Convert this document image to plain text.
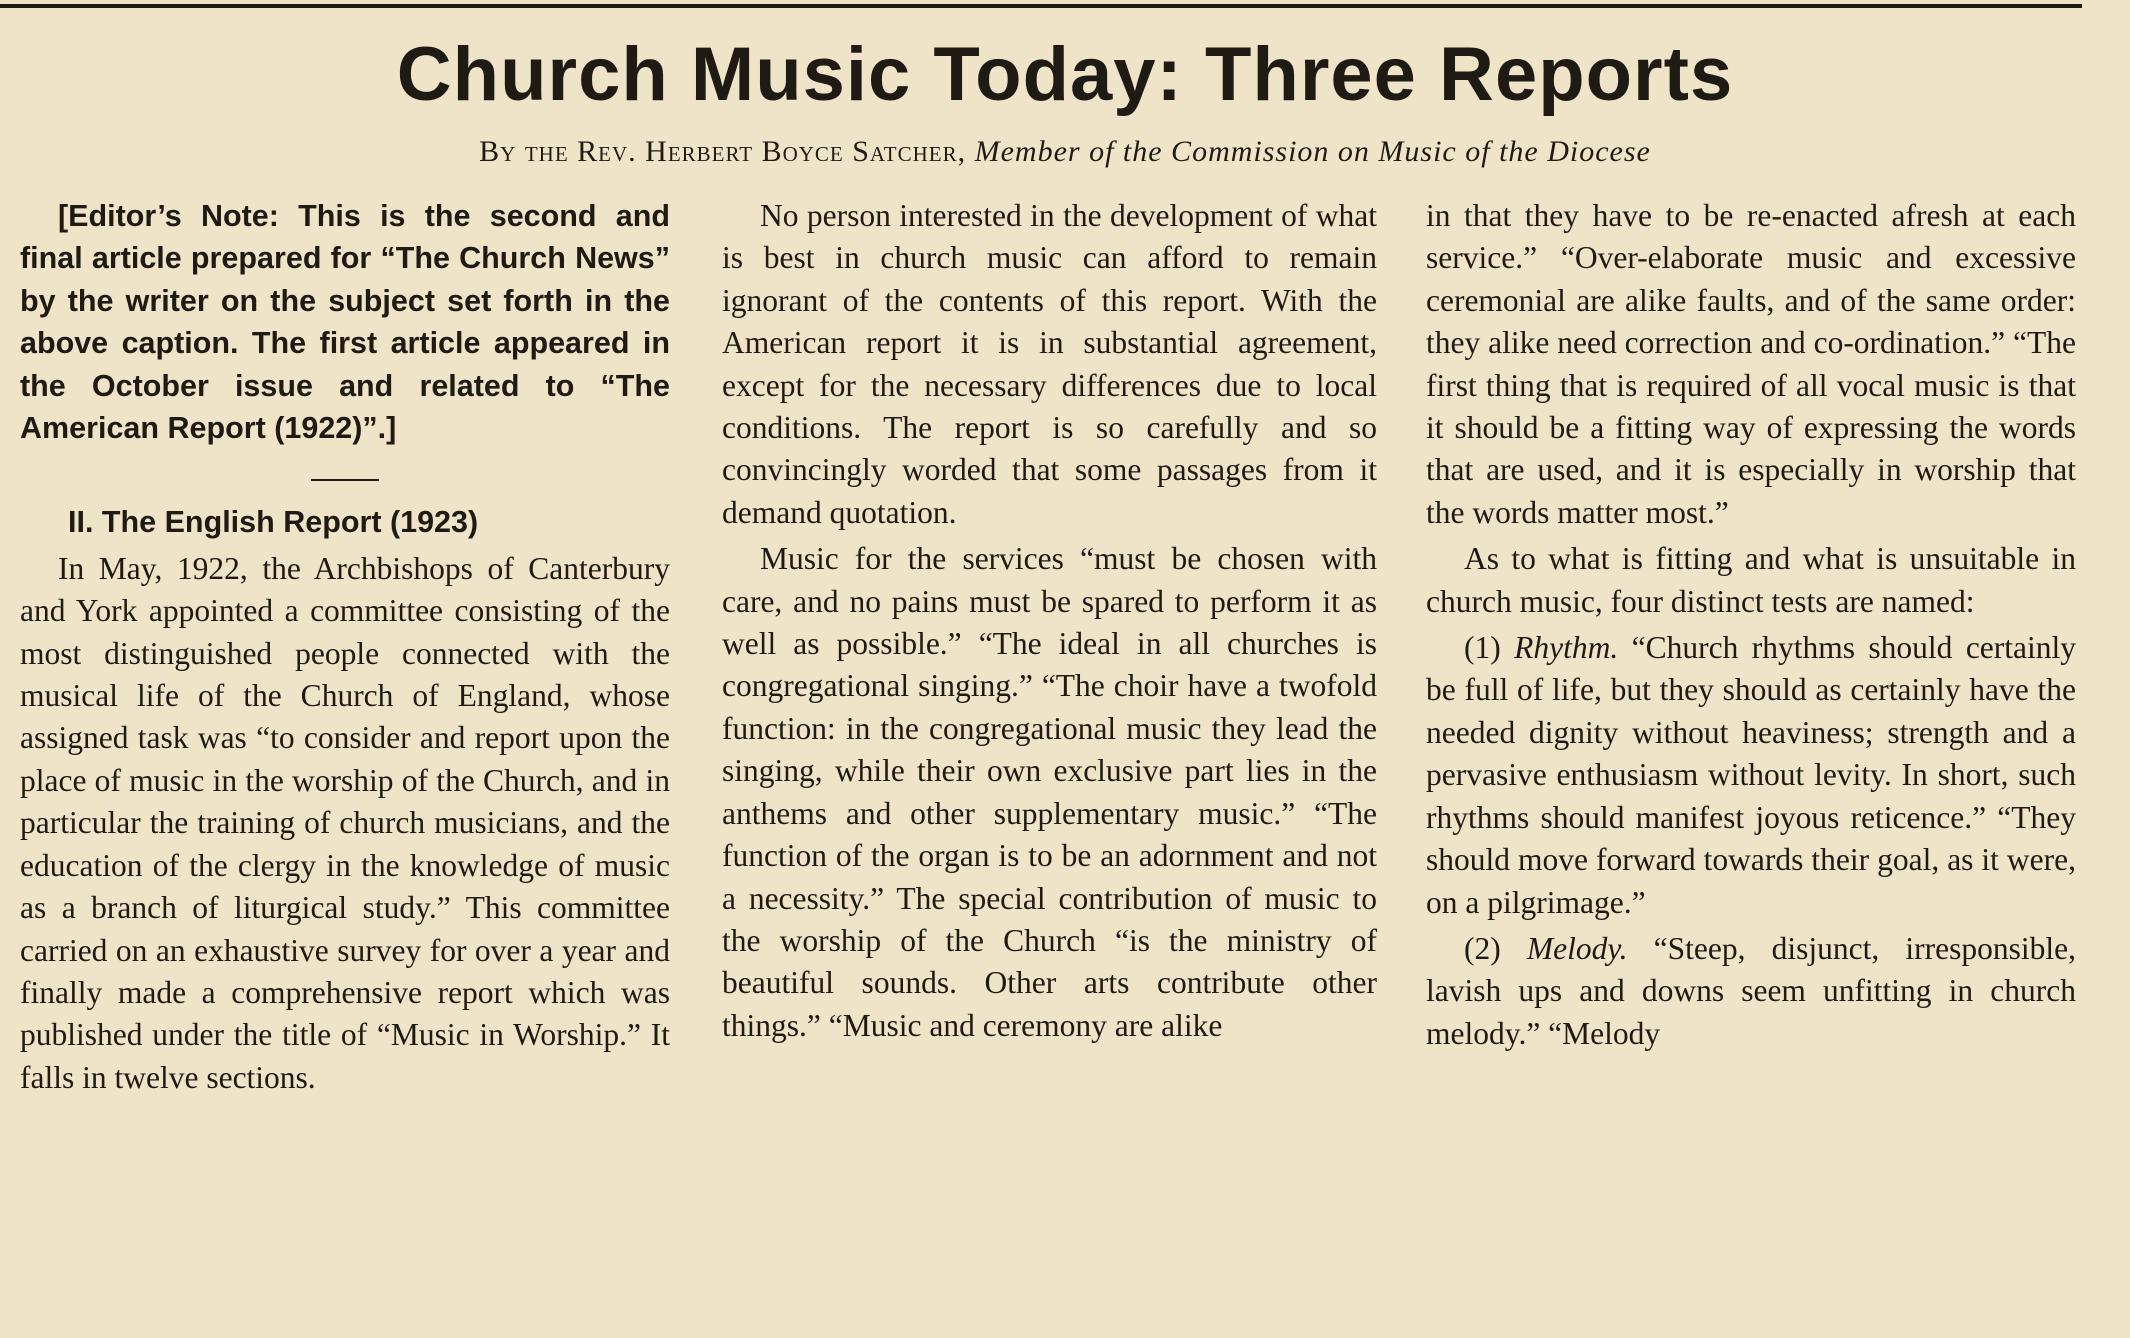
Church Music Today: Three Reports
By the Rev. Herbert Boyce Satcher, Member of the Commission on Music of the Diocese

[Editor’s Note: This is the second and final article prepared for “The Church News” by the writer on the subject set forth in the above caption. The first article appeared in the October issue and related to “The American Report (1922)”.]

II. The English Report (1923)

In May, 1922, the Archbishops of Canterbury and York appointed a committee consisting of the most distinguished people connected with the musical life of the Church of England, whose assigned task was “to consider and report upon the place of music in the worship of the Church, and in particular the training of church musicians, and the education of the clergy in the knowledge of music as a branch of liturgical study.” This committee carried on an exhaustive survey for over a year and finally made a comprehensive report which was published under the title of “Music in Worship.” It falls in twelve sections.

No person interested in the development of what is best in church music can afford to remain ignorant of the contents of this report. With the American report it is in substantial agreement, except for the necessary differences due to local conditions. The report is so carefully and so convincingly worded that some passages from it demand quotation.

Music for the services “must be chosen with care, and no pains must be spared to perform it as well as possible.” “The ideal in all churches is congregational singing.” “The choir have a twofold function: in the congregational music they lead the singing, while their own exclusive part lies in the anthems and other supplementary music.” “The function of the organ is to be an adornment and not a necessity.” The special contribution of music to the worship of the Church “is the ministry of beautiful sounds. Other arts contribute other things.” “Music and ceremony are alike

in that they have to be re-enacted afresh at each service.” “Over-elaborate music and excessive ceremonial are alike faults, and of the same order: they alike need correction and co-ordination.” “The first thing that is required of all vocal music is that it should be a fitting way of expressing the words that are used, and it is especially in worship that the words matter most.”

As to what is fitting and what is unsuitable in church music, four distinct tests are named:

(1) Rhythm. “Church rhythms should certainly be full of life, but they should as certainly have the needed dignity without heaviness; strength and a pervasive enthusiasm without levity. In short, such rhythms should manifest joyous reticence.” “They should move forward towards their goal, as it were, on a pilgrimage.”

(2) Melody. “Steep, disjunct, irresponsible, lavish ups and downs seem unfitting in church melody.” “Melody
